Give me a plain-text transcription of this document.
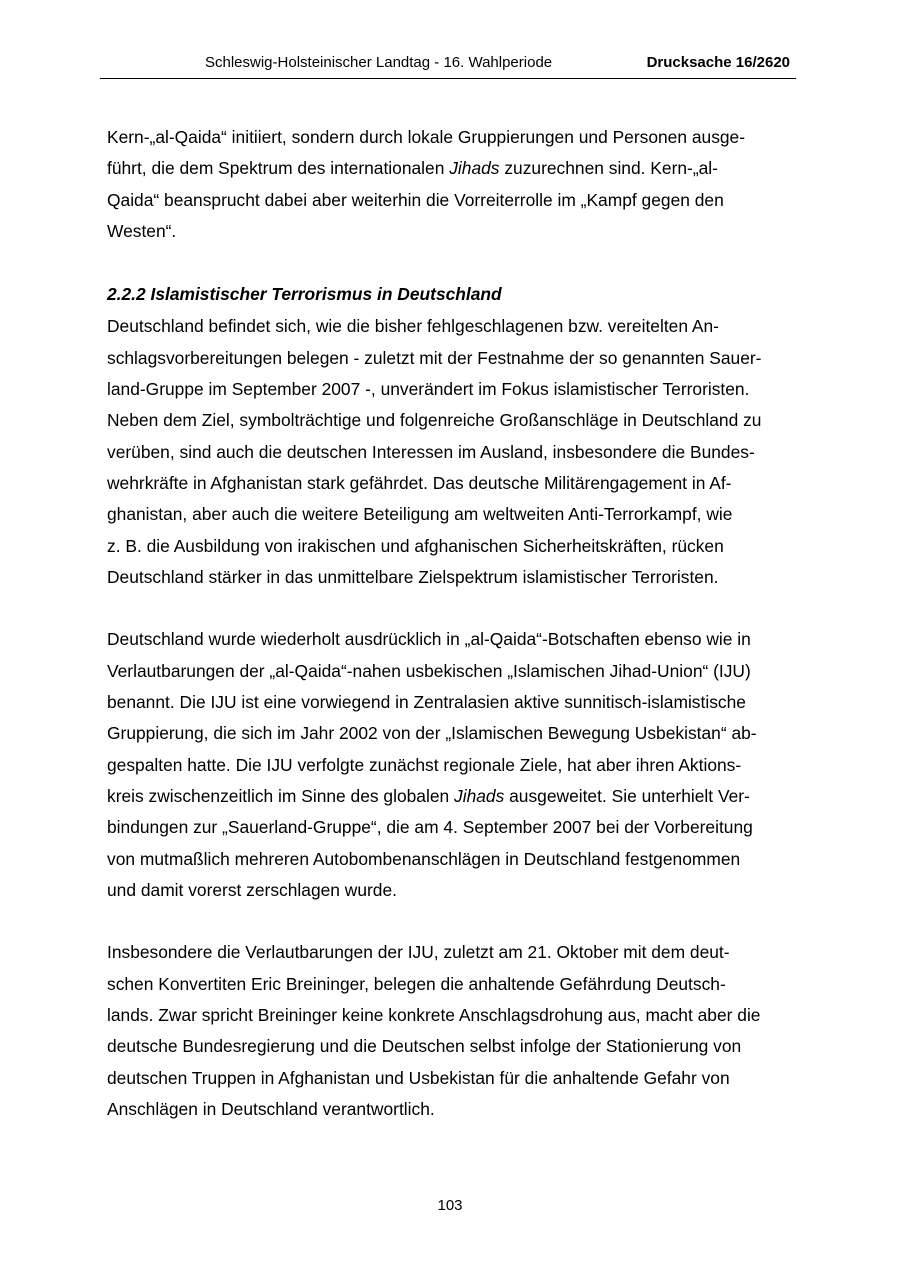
Schleswig-Holsteinischer Landtag - 16. Wahlperiode	Drucksache 16/2620
Kern-„al-Qaida“ initiiert, sondern durch lokale Gruppierungen und Personen ausge-
führt, die dem Spektrum des internationalen Jihads zuzurechnen sind. Kern-„al-
Qaida“ beansprucht dabei aber weiterhin die Vorreiterrolle im „Kampf gegen den
Westen“.
2.2.2 Islamistischer Terrorismus in Deutschland
Deutschland befindet sich, wie die bisher fehlgeschlagenen bzw. vereitelten An-
schlagsvorbereitungen belegen - zuletzt mit der Festnahme der so genannten Sauer-
land-Gruppe im September 2007 -, unverändert im Fokus islamistischer Terroristen.
Neben dem Ziel, symbolträchtige und folgenreiche Großanschläge in Deutschland zu
verüben, sind auch die deutschen Interessen im Ausland, insbesondere die Bundes-
wehrkräfte in Afghanistan stark gefährdet. Das deutsche Militärengagement in Af-
ghanistan, aber auch die weitere Beteiligung am weltweiten Anti-Terrorkampf, wie
z. B. die Ausbildung von irakischen und afghanischen Sicherheitskräften, rücken
Deutschland stärker in das unmittelbare Zielspektrum islamistischer Terroristen.
Deutschland wurde wiederholt ausdrücklich in „al-Qaida“-Botschaften ebenso wie in
Verlautbarungen der „al-Qaida“-nahen usbekischen „Islamischen Jihad-Union“ (IJU)
benannt. Die IJU ist eine vorwiegend in Zentralasien aktive sunnitisch-islamistische
Gruppierung, die sich im Jahr 2002 von der „Islamischen Bewegung Usbekistan“ ab-
gespalten hatte. Die IJU verfolgte zunächst regionale Ziele, hat aber ihren Aktions-
kreis zwischenzeitlich im Sinne des globalen Jihads ausgeweitet. Sie unterhielt Ver-
bindungen zur „Sauerland-Gruppe“, die am 4. September 2007 bei der Vorbereitung
von mutmaßlich mehreren Autobombenanschlägen in Deutschland festgenommen
und damit vorerst zerschlagen wurde.
Insbesondere die Verlautbarungen der IJU, zuletzt am 21. Oktober mit dem deut-
schen Konvertiten Eric Breininger, belegen die anhaltende Gefährdung Deutsch-
lands. Zwar spricht Breininger keine konkrete Anschlagsdrohung aus, macht aber die
deutsche Bundesregierung und die Deutschen selbst infolge der Stationierung von
deutschen Truppen in Afghanistan und Usbekistan für die anhaltende Gefahr von
Anschlägen in Deutschland verantwortlich.
103
